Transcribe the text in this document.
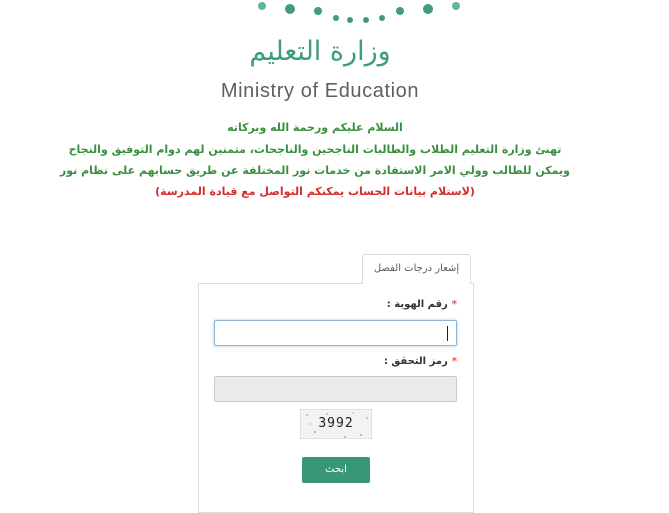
وزارة التعليم
Ministry of Education
السلام عليكم ورحمة الله وبركاته
تهنئ وزارة التعليم الطلاب والطالبات الناجحين والناجحات، متمنين لهم دوام التوفيق والنجاح
ويمكن للطالب وولي الامر الاستفادة من خدمات نور المختلفة عن طريق حسابهم على نظام نور
(لاستلام بيانات الحساب يمكنكم التواصل مع قيادة المدرسة)
إشعار درجات الفصل
*رقم الهوية :
*رمز التحقق :
3992
ابحث
